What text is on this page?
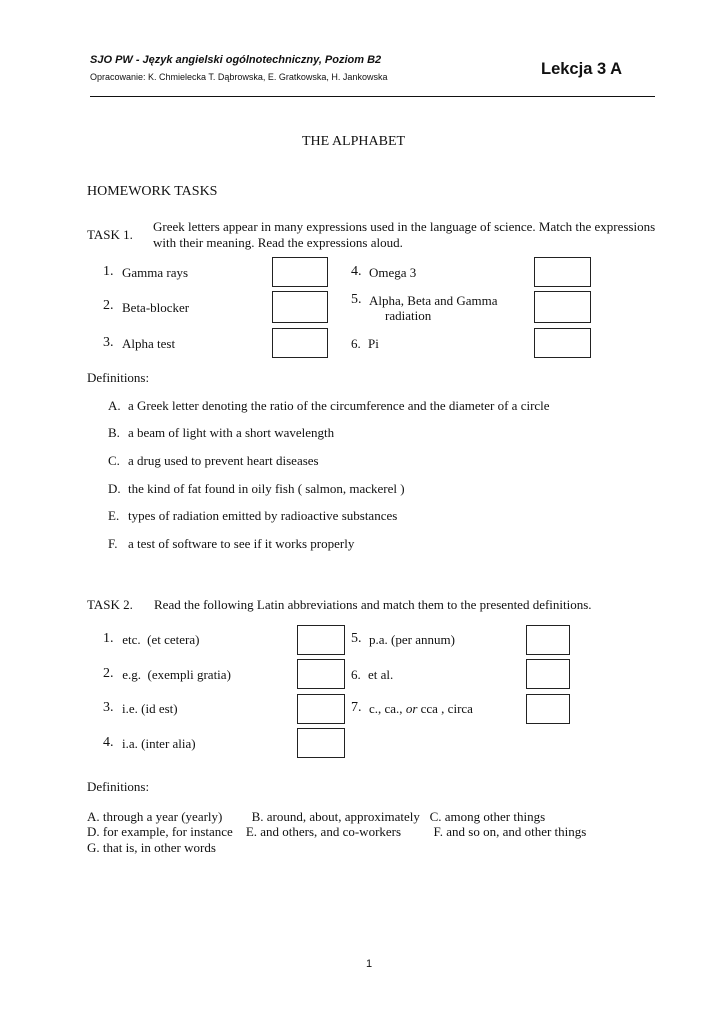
SJO PW - Język angielski ogólnotechniczny, Poziom B2
Opracowanie: K. Chmielecka T. Dąbrowska, E. Gratkowska, H. Jankowska	Lekcja 3 A
THE ALPHABET
HOMEWORK TASKS
TASK 1.
Greek letters appear in many expressions used in the language of science. Match the expressions
with their meaning. Read the expressions aloud.
1. Gamma rays
2. Beta-blocker
3. Alpha test
4. Omega 3
5. Alpha, Beta and Gamma
radiation
6. Pi
Definitions:
A. a Greek letter denoting the ratio of the circumference and the diameter of a circle
B. a beam of light with a short wavelength
C. a drug used to prevent heart diseases
D. the kind of fat found in oily fish ( salmon, mackerel )
E. types of radiation emitted by radioactive substances
F. a test of software to see if it works properly
TASK 2. Read the following Latin abbreviations and match them to the presented definitions.
1. etc.  (et cetera)
2. e.g.  (exempli gratia)
3. i.e. (id est)
4. i.a. (inter alia)
5. p.a. (per annum)
6. et al.
7. c., ca., or cca , circa
Definitions:
A. through a year (yearly)         B. around, about, approximately   C. among other things
D. for example, for instance    E. and others, and co-workers          F. and so on, and other things
G. that is, in other words
1
